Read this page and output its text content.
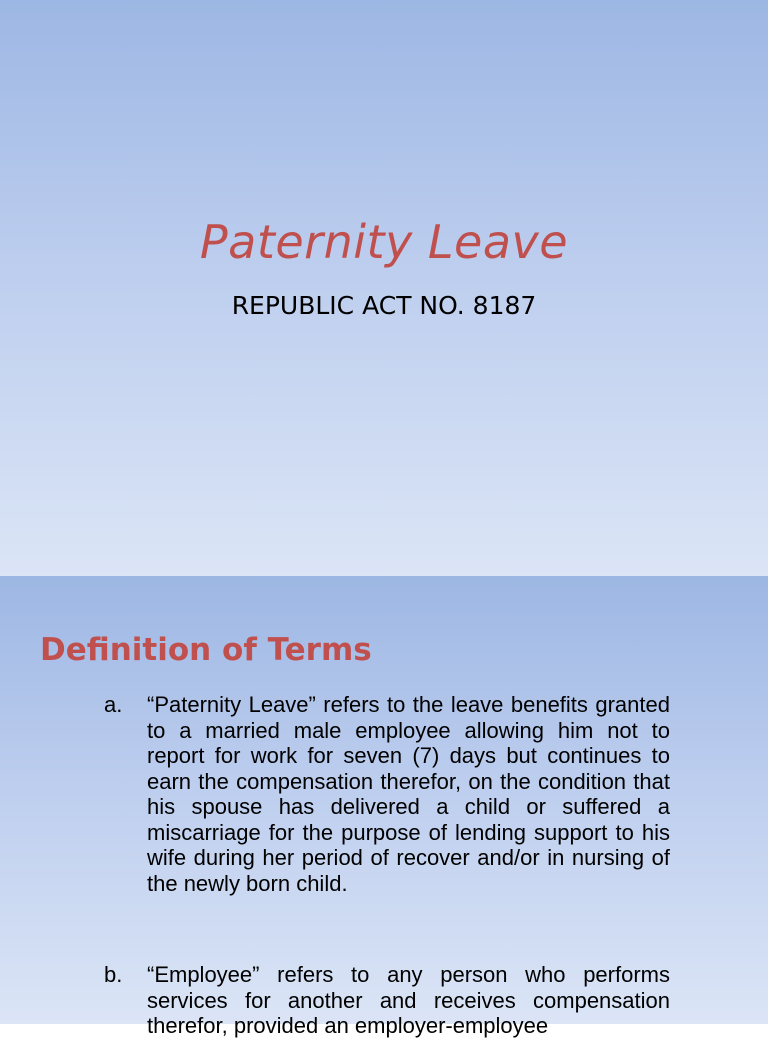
Paternity Leave
REPUBLIC ACT NO. 8187
Definition of Terms
a. “Paternity Leave” refers to the leave benefits granted to a married male employee allowing him not to report for work for seven (7) days but continues to earn the compensation therefor, on the condition that his spouse has delivered a child or suffered a miscarriage for the purpose of lending support to his wife during her period of recover and/or in nursing of the newly born child.
b. “Employee” refers to any person who performs services for another and receives compensation therefor, provided an employer-employee
